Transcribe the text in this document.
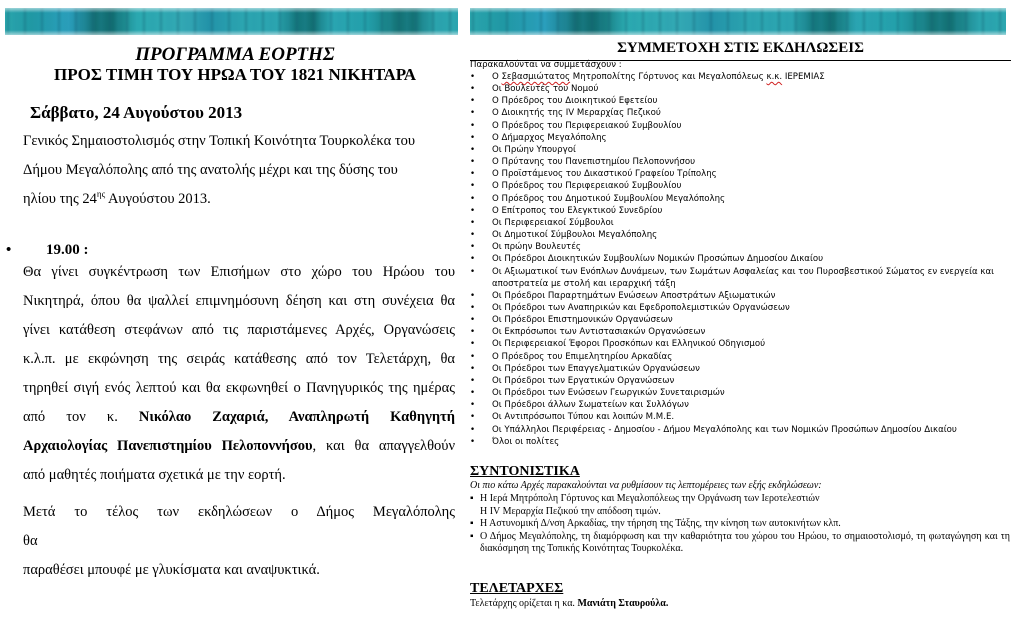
ΠΡΟΓΡΑΜΜΑ ΕΟΡΤΗΣ
ΠΡΟΣ ΤΙΜΗ ΤΟΥ ΗΡΩΑ ΤΟΥ 1821 ΝΙΚΗΤΑΡΑ
Σάββατο, 24 Αυγούστου 2013
Γενικός Σημαιοστολισμός στην Τοπική Κοινότητα Τουρκολέκα του
Δήμου Μεγαλόπολης από της ανατολής μέχρι και της δύσης του
ηλίου της $24^{\eta\varsigma}$ Αυγούστου 2013.
• 19.00 :
Θα γίνει συγκέντρωση των Επισήμων στο χώρο του Ηρώου του
Νικητηρά, όπου θα ψαλλεί επιμνημόσυνη δέηση και στη συνέχεια θα
γίνει κατάθεση στεφάνων από τις παριστάμενες Αρχές, Οργανώσεις
κ.λ.π. με εκφώνηση της σειράς κατάθεσης από τον Τελετάρχη, θα
τηρηθεί σιγή ενός λεπτού και θα εκφωνηθεί ο Πανηγυρικός της ημέρας
από τον κ. Νικόλαο Ζαχαριά, Αναπληρωτή Καθηγητή
Αρχαιολογίας Πανεπιστημίου Πελοποννήσου, και θα απαγγελθούν
από μαθητές ποιήματα σχετικά με την εορτή.
Μετά το τέλος των εκδηλώσεων ο Δήμος Μεγαλόπολης θα
παραθέσει μπουφέ με γλυκίσματα και αναψυκτικά.
ΣΥΜΜΕΤΟΧΗ ΣΤΙΣ ΕΚΔΗΛΩΣΕΙΣ
Παρακαλούνται να συμμετάσχουν :
• Ο Σεβασμιώτατος Μητροπολίτης Γόρτυνος και Μεγαλοπόλεως κ.κ. ΙΕΡΕΜΙΑΣ
• Οι Βουλευτές του Νομού
• Ο Πρόεδρος του Διοικητικού Εφετείου
• Ο Διοικητής της ΙV Μεραρχίας Πεζικού
• Ο Πρόεδρος του Περιφερειακού Συμβουλίου
• Ο Δήμαρχος Μεγαλόπολης
• Οι Πρώην Υπουργοί
• Ο Πρύτανης του Πανεπιστημίου Πελοποννήσου
• Ο Προϊστάμενος του Δικαστικού Γραφείου Τρίπολης
• Ο Πρόεδρος του Περιφερειακού Συμβουλίου
• Ο Πρόεδρος του Δημοτικού Συμβουλίου Μεγαλόπολης
• Ο Επίτροπος του Ελεγκτικού Συνεδρίου
• Οι Περιφερειακοί Σύμβουλοι
• Οι Δημοτικοί Σύμβουλοι Μεγαλόπολης
• Οι πρώην Βουλευτές
• Οι Πρόεδροι Διοικητικών Συμβουλίων Νομικών Προσώπων Δημοσίου Δικαίου
• Οι Αξιωματικοί των Ενόπλων Δυνάμεων, των Σωμάτων Ασφαλείας και του Πυροσβεστικού Σώματος εν ενεργεία και αποστρατεία με στολή και ιεραρχική τάξη
• Οι Πρόεδροι Παραρτημάτων Ενώσεων Αποστράτων Αξιωματικών
• Οι Πρόεδροι των Αναπηρικών και Εφεδροπολεμιστικών Οργανώσεων
• Οι Πρόεδροι Επιστημονικών Οργανώσεων
• Οι Εκπρόσωποι των Αντιστασιακών Οργανώσεων
• Οι Περιφερειακοί Έφοροι Προσκόπων και Ελληνικού Οδηγισμού
• Ο Πρόεδρος του Επιμελητηρίου Αρκαδίας
• Οι Πρόεδροι των Επαγγελματικών Οργανώσεων
• Οι Πρόεδροι των Εργατικών Οργανώσεων
• Οι Πρόεδροι των Ενώσεων Γεωργικών Συνεταιρισμών
• Οι Πρόεδροι άλλων Σωματείων και Συλλόγων
• Οι Αντιπρόσωποι Τύπου και λοιπών Μ.Μ.Ε.
• Οι Υπάλληλοι Περιφέρειας - Δημοσίου - Δήμου Μεγαλόπολης και των Νομικών Προσώπων Δημοσίου Δικαίου
• Όλοι οι πολίτες
ΣΥΝΤΟΝΙΣΤΙΚΑ
Οι πιο κάτω Αρχές παρακαλούνται να ρυθμίσουν τις λεπτομέρειες των εξής εκδηλώσεων:
▪ Η Ιερά Μητρόπολη Γόρτυνος και Μεγαλοπόλεως την Οργάνωση των Ιεροτελεστιών
Η IV Μεραρχία Πεζικού την απόδοση τιμών.
▪ Η Αστυνομική Δ/νση Αρκαδίας, την τήρηση της Τάξης, την κίνηση των αυτοκινήτων κλπ.
▪ Ο Δήμος Μεγαλόπολης, τη διαμόρφωση και την καθαριότητα του χώρου του Ηρώου, το σημαιοστολισμό, τη φωταγώγηση και τη διακόσμηση της Τοπικής Κοινότητας Τουρκολέκα.
ΤΕΛΕΤΑΡΧΕΣ
Τελετάρχης ορίζεται η κα. Μανιάτη Σταυρούλα.
